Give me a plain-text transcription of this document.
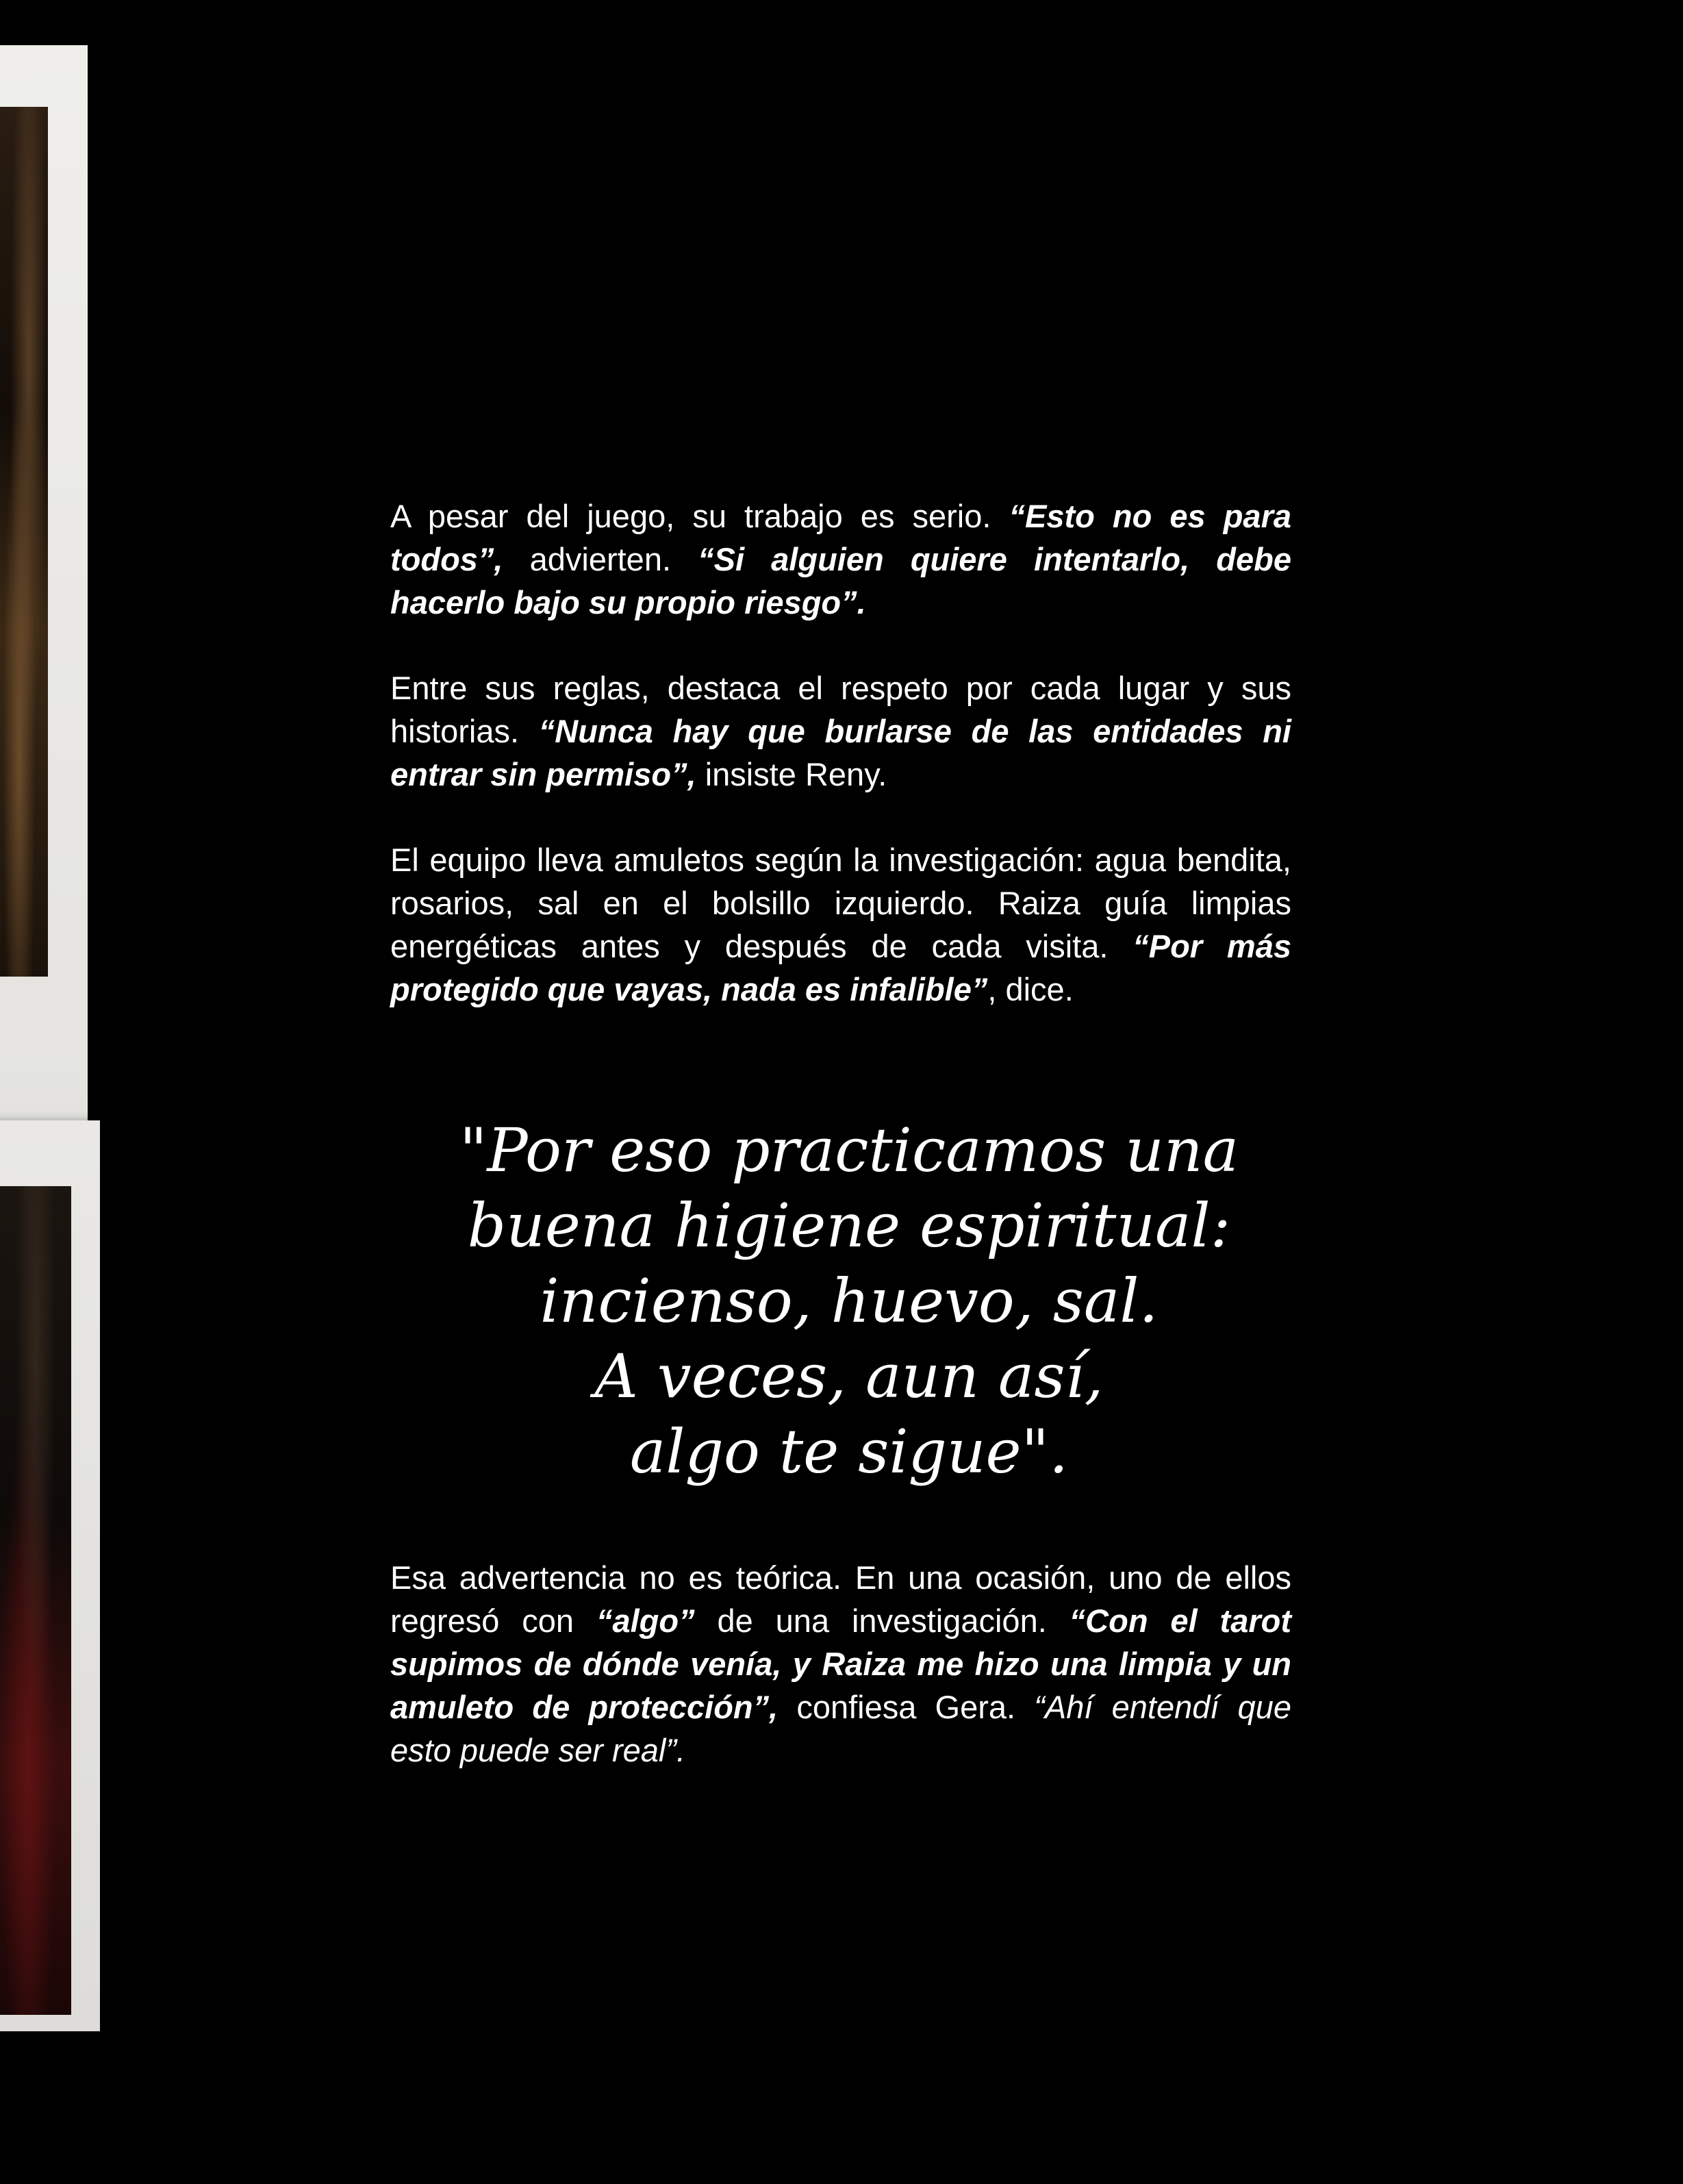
A pesar del juego, su trabajo es serio. “Esto no es para todos”, advierten. “Si alguien quiere intentarlo, debe hacerlo bajo su propio riesgo”.

Entre sus reglas, destaca el respeto por cada lugar y sus historias. “Nunca hay que burlarse de las entidades ni entrar sin permiso”, insiste Reny.

El equipo lleva amuletos según la investigación: agua bendita, rosarios, sal en el bolsillo izquierdo. Raiza guía limpias energéticas antes y después de cada visita. “Por más protegido que vayas, nada es infalible”, dice.

"Por eso practicamos una
buena higiene espiritual:
incienso, huevo, sal.
A veces, aun así,
algo te sigue".

Esa advertencia no es teórica. En una ocasión, uno de ellos regresó con “algo” de una investigación. “Con el tarot supimos de dónde venía, y Raiza me hizo una limpia y un amuleto de protección”, confiesa Gera. “Ahí entendí que esto puede ser real”.
